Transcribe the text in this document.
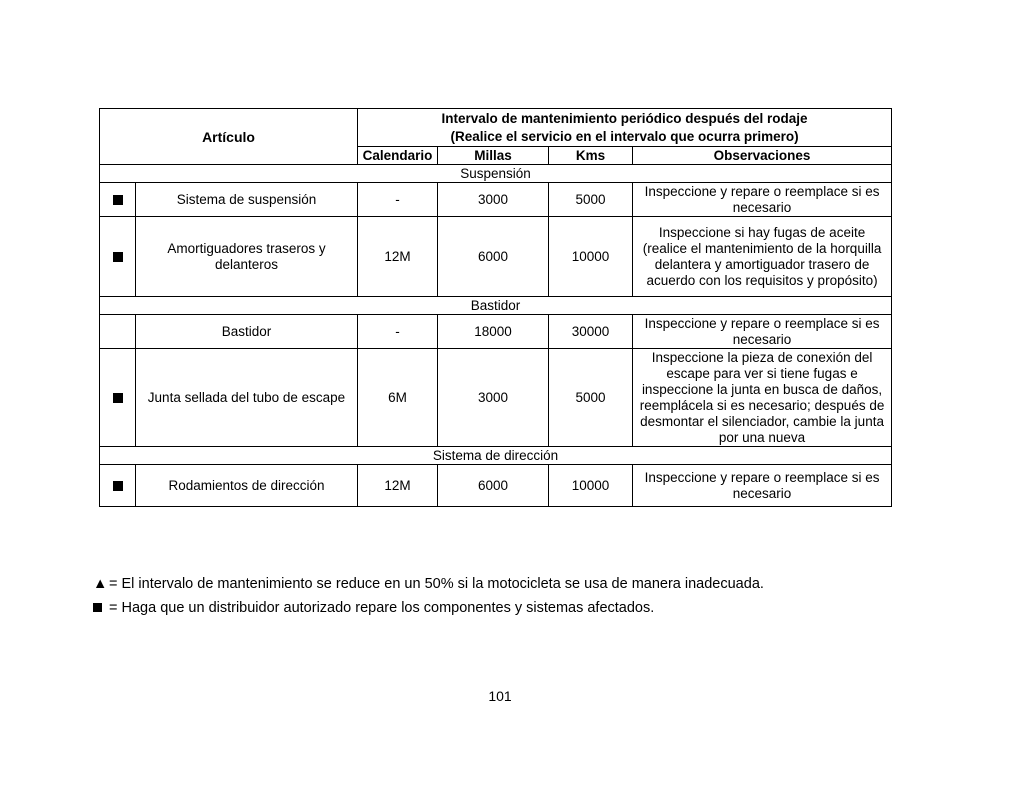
Artículo		Intervalo de mantenimiento periódico después del rodaje
(Realice el servicio en el intervalo que ocurra primero)			

		Calendario	Millas	Kms	Observaciones
Suspensión					
	Sistema de suspensión	-	3000	5000	Inspeccione y repare o reemplace si es necesario
	Amortiguadores traseros y delanteros	12M	6000	10000	Inspeccione si hay fugas de aceite (realice el mantenimiento de la horquilla delantera y amortiguador trasero de acuerdo con los requisitos y propósito)
Bastidor					
	Bastidor	-	18000	30000	Inspeccione y repare o reemplace si es necesario
	Junta sellada del tubo de escape	6M	3000	5000	Inspeccione la pieza de conexión del escape para ver si tiene fugas e inspeccione la junta en busca de daños, reemplácela si es necesario; después de desmontar el silenciador, cambie la junta por una nueva
Sistema de dirección					
	Rodamientos de dirección	12M	6000	10000	Inspeccione y repare o reemplace si es necesario
▲ = El intervalo de mantenimiento se reduce en un 50% si la motocicleta se usa de manera inadecuada.
= Haga que un distribuidor autorizado repare los componentes y sistemas afectados.
101
